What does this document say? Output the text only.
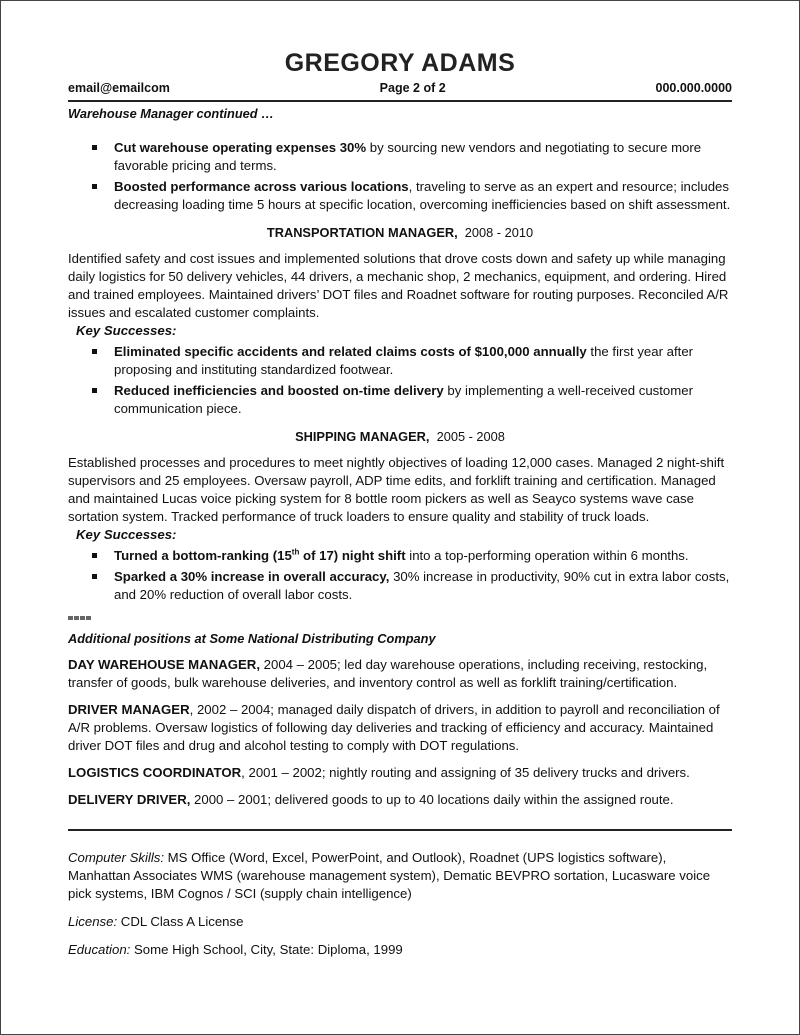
GREGORY ADAMS
email@emailcom	Page 2 of 2	000.000.0000
Warehouse Manager continued …
Cut warehouse operating expenses 30% by sourcing new vendors and negotiating to secure more favorable pricing and terms.
Boosted performance across various locations, traveling to serve as an expert and resource; includes decreasing loading time 5 hours at specific location, overcoming inefficiencies based on shift assessment.
TRANSPORTATION MANAGER, 2008 - 2010

Identified safety and cost issues and implemented solutions that drove costs down and safety up while managing daily logistics for 50 delivery vehicles, 44 drivers, a mechanic shop, 2 mechanics, equipment, and ordering. Hired and trained employees. Maintained drivers’ DOT files and Roadnet software for routing purposes. Reconciled A/R issues and escalated customer complaints.

Key Successes:
Eliminated specific accidents and related claims costs of $100,000 annually the first year after proposing and instituting standardized footwear.
Reduced inefficiencies and boosted on-time delivery by implementing a well-received customer communication piece.
SHIPPING MANAGER, 2005 - 2008

Established processes and procedures to meet nightly objectives of loading 12,000 cases. Managed 2 night-shift supervisors and 25 employees. Oversaw payroll, ADP time edits, and forklift training and certification. Managed and maintained Lucas voice picking system for 8 bottle room pickers as well as Seayco systems wave case sortation system. Tracked performance of truck loaders to ensure quality and stability of truck loads.

Key Successes:
Turned a bottom-ranking (15th of 17) night shift into a top-performing operation within 6 months.
Sparked a 30% increase in overall accuracy, 30% increase in productivity, 90% cut in extra labor costs, and 20% reduction of overall labor costs.
Additional positions at Some National Distributing Company

DAY WAREHOUSE MANAGER, 2004 – 2005; led day warehouse operations, including receiving, restocking, transfer of goods, bulk warehouse deliveries, and inventory control as well as forklift training/certification.

DRIVER MANAGER, 2002 – 2004; managed daily dispatch of drivers, in addition to payroll and reconciliation of A/R problems. Oversaw logistics of following day deliveries and tracking of efficiency and accuracy. Maintained driver DOT files and drug and alcohol testing to comply with DOT regulations.

LOGISTICS COORDINATOR, 2001 – 2002; nightly routing and assigning of 35 delivery trucks and drivers.

DELIVERY DRIVER, 2000 – 2001; delivered goods to up to 40 locations daily within the assigned route.

Computer Skills: MS Office (Word, Excel, PowerPoint, and Outlook), Roadnet (UPS logistics software), Manhattan Associates WMS (warehouse management system), Dematic BEVPRO sortation, Lucasware voice pick systems, IBM Cognos / SCI (supply chain intelligence)

License: CDL Class A License

Education: Some High School, City, State: Diploma, 1999
